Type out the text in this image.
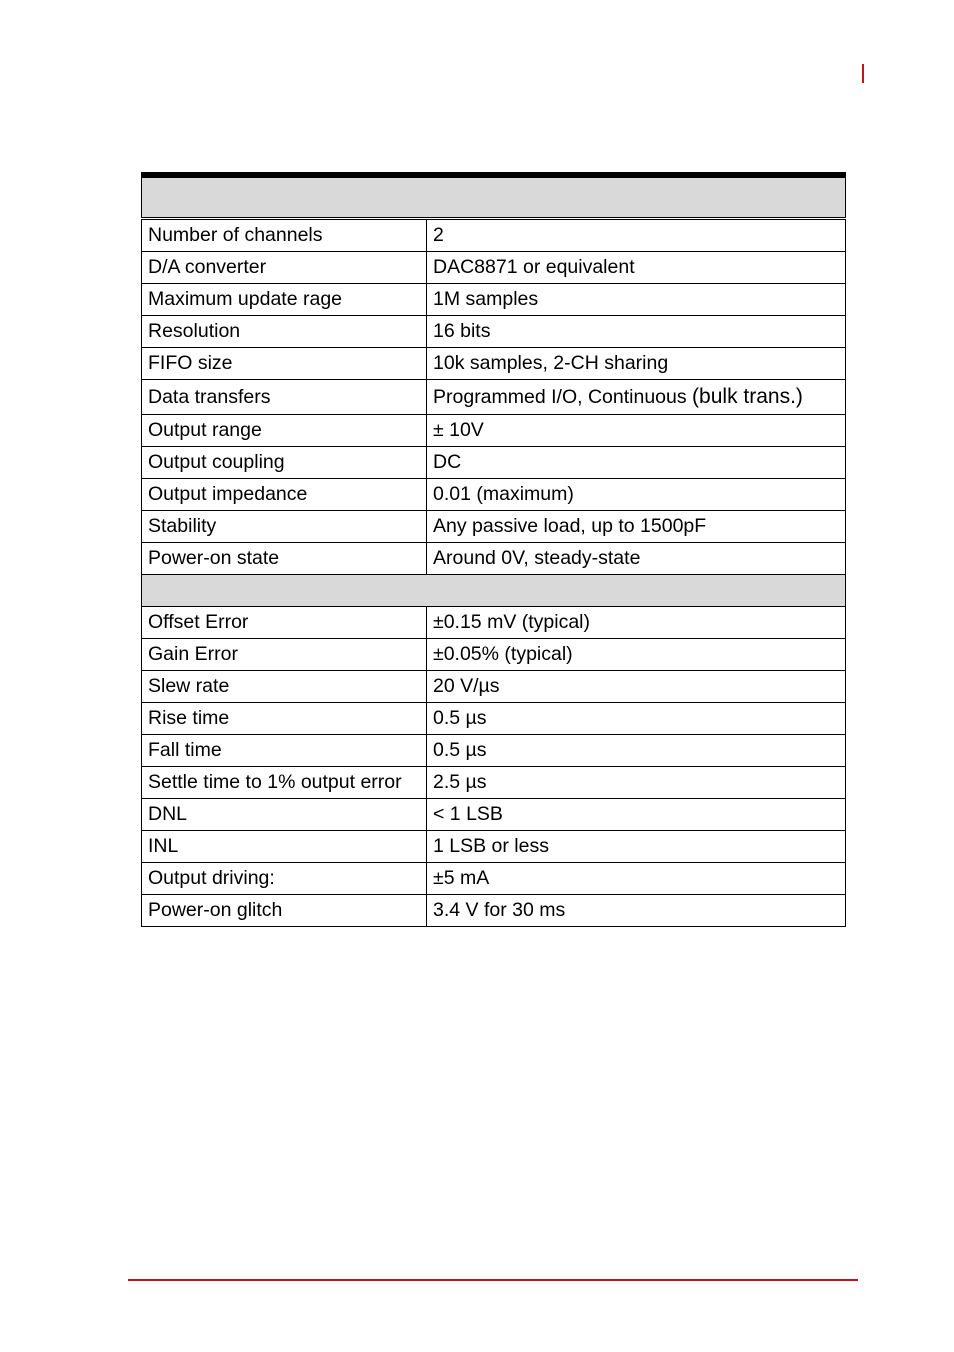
Number of channels	2
D/A converter	DAC8871 or equivalent
Maximum update rage	1M samples
Resolution	16 bits
FIFO size	10k samples, 2-CH sharing
Data transfers	Programmed I/O, Continuous (bulk trans.)
Output range	± 10V
Output coupling	DC
Output impedance	0.01 (maximum)
Stability	Any passive load, up to 1500pF
Power-on state	Around 0V, steady-state

Offset Error	±0.15 mV (typical)
Gain Error	±0.05% (typical)
Slew rate	20 V/µs
Rise time	0.5 µs
Fall time	0.5 µs
Settle time to 1% output error	2.5 µs
DNL	< 1 LSB
INL	1 LSB or less
Output driving:	±5 mA
Power-on glitch	3.4 V for 30 ms
